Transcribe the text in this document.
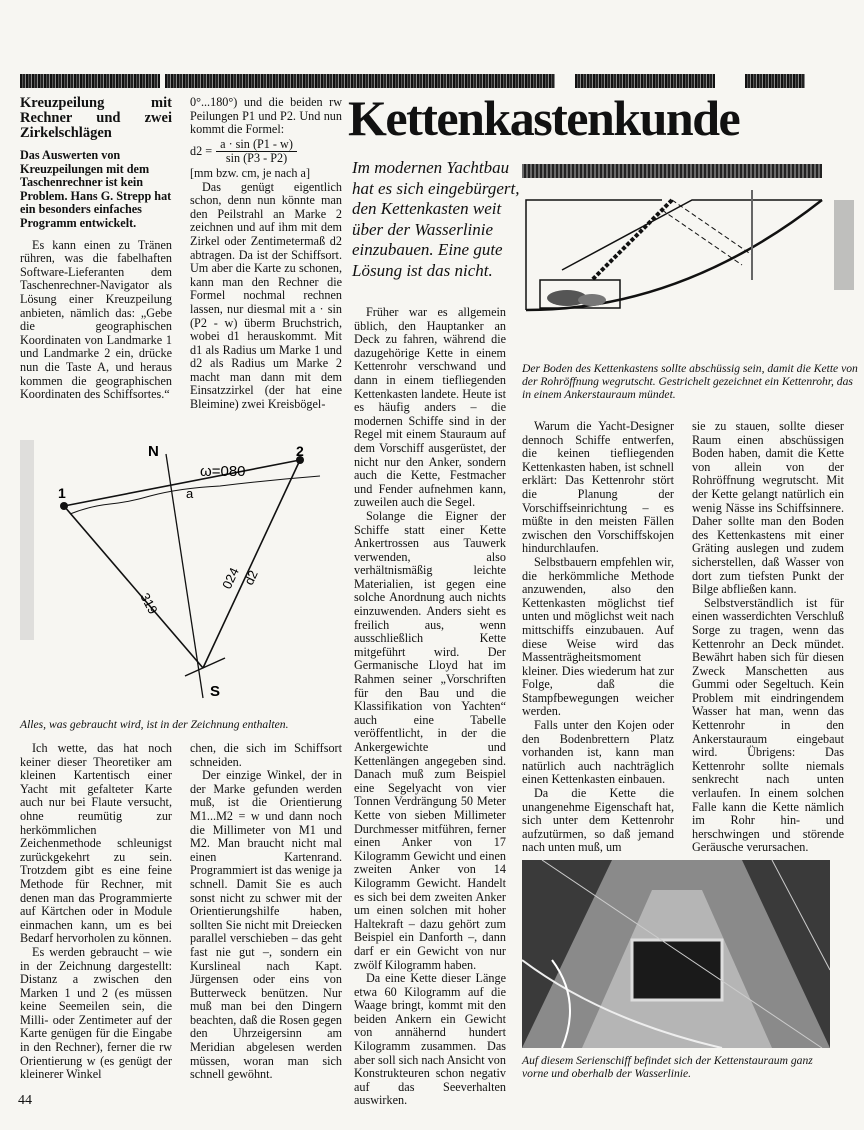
Kreuzpeilung mit Rechner und zwei Zirkelschlägen
Das Auswerten von Kreuzpeilungen mit dem Taschenrechner ist kein Problem. Hans G. Strepp hat ein besonders einfaches Programm entwickelt.

Es kann einen zu Tränen rühren, was die fabelhaften Software-Lieferanten dem Taschenrechner-Navigator als Lösung einer Kreuzpeilung anbieten, nämlich das: „Gebe die geographischen Koordinaten von Landmarke 1 und Landmarke 2 ein, drücke nun die Taste A, und heraus kommen die geographischen Koordinaten des Schiffsortes.“

0°...180°) und die beiden rw Peilungen P1 und P2. Und nun kommt die Formel:

$d2 = \frac{a \cdot \sin (P1 - w)}{\sin (P3 - P2)}$
[mm bzw. cm, je nach a]

Das genügt eigentlich schon, denn nun könnte man den Peilstrahl an Marke 2 zeichnen und auf ihm mit dem Zirkel oder Zentimetermaß d2 abtragen. Da ist der Schiffsort. Um aber die Karte zu schonen, kann man den Rechner die Formel nochmal rechnen lassen, nur diesmal mit a · sin (P2 - w) überm Bruchstrich, wobei d1 herauskommt. Mit d1 als Radius um Marke 1 und d2 als Radius um Marke 2 macht man dann mit dem Einsatzzirkel (der hat eine Bleimine) zwei Kreisbögel-

Kettenkastenkunde
Im modernen Yachtbau hat es sich eingebürgert, den Kettenkasten weit über der Wasserlinie einzubauen. Eine gute Lösung ist das nicht.
Der Boden des Kettenkastens sollte abschüssig sein, damit die Kette von der Rohröffnung wegrutscht. Gestrichelt gezeichnet ein Kettenrohr, das in einem Ankerstauraum mündet.
N
1
2
ω=080
a
319
024 d2
S
Alles, was gebraucht wird, ist in der Zeichnung enthalten.

Ich wette, das hat noch keiner dieser Theoretiker am kleinen Kartentisch einer Yacht mit gefalteter Karte auch nur bei Flaute versucht, ohne reumütig zur herkömmlichen Zeichenmethode schleunigst zurückgekehrt zu sein. Trotzdem gibt es eine feine Methode für Rechner, mit denen man das Programmierte auf Kärtchen oder in Module einmachen kann, um es bei Bedarf hervorholen zu können.

Es werden gebraucht – wie in der Zeichnung dargestellt: Distanz a zwischen den Marken 1 und 2 (es müssen keine Seemeilen sein, die Milli- oder Zentimeter auf der Karte genügen für die Eingabe in den Rechner), ferner die rw Orientierung w (es genügt der kleinerer Winkel

chen, die sich im Schiffsort schneiden.

Der einzige Winkel, der in der Marke gefunden werden muß, ist die Orientierung M1...M2 = w und dann noch die Millimeter von M1 und M2. Man braucht nicht mal einen Kartenrand. Programmiert ist das wenige ja schnell. Damit Sie es auch sonst nicht zu schwer mit der Orientierungshilfe haben, sollten Sie nicht mit Dreiecken parallel verschieben – das geht fast nie gut –, sondern ein Kurslineal nach Kapt. Jürgensen oder eins von Butterweck benützen. Nur muß man bei den Dingern beachten, daß die Rosen gegen den Uhrzeigersinn am Meridian abgelesen werden müssen, woran man sich schnell gewöhnt.

Früher war es allgemein üblich, den Hauptanker an Deck zu fahren, während die dazugehörige Kette in einem Kettenrohr verschwand und dann in einem tiefliegenden Kettenkasten landete. Heute ist es häufig anders – die modernen Schiffe sind in der Regel mit einem Stauraum auf dem Vorschiff ausgerüstet, der nicht nur den Anker, sondern auch die Kette, Festmacher und Fender aufnehmen kann, zuweilen auch die Segel.

Solange die Eigner der Schiffe statt einer Kette Ankertrossen aus Tauwerk verwenden, also verhältnismäßig leichte Materialien, ist gegen eine solche Anordnung auch nichts einzuwenden. Anders sieht es freilich aus, wenn ausschließlich Kette mitgeführt wird. Der Germanische Lloyd hat im Rahmen seiner „Vorschriften für den Bau und die Klassifikation von Yachten“ auch eine Tabelle veröffentlicht, in der die Ankergewichte und Kettenlängen angegeben sind. Danach muß zum Beispiel eine Segelyacht von vier Tonnen Verdrängung 50 Meter Kette von sieben Millimeter Durchmesser mitführen, ferner einen Anker von 17 Kilogramm Gewicht und einen zweiten Anker von 14 Kilogramm Gewicht. Handelt es sich bei dem zweiten Anker um einen solchen mit hoher Haltekraft – dazu gehört zum Beispiel ein Danforth –, dann darf er ein Gewicht von nur zwölf Kilogramm haben.

Da eine Kette dieser Länge etwa 60 Kilogramm auf die Waage bringt, kommt mit den beiden Ankern ein Gewicht von annähernd hundert Kilogramm zusammen. Das aber soll sich nach Ansicht von Konstrukteuren schon negativ auf das Seeverhalten auswirken.

Warum die Yacht-Designer dennoch Schiffe entwerfen, die keinen tiefliegenden Kettenkasten haben, ist schnell erklärt: Das Kettenrohr stört die Planung der Vorschiffseinrichtung – es müßte in den meisten Fällen zwischen den Vorschiffskojen hindurchlaufen.

Selbstbauern empfehlen wir, die herkömmliche Methode anzuwenden, also den Kettenkasten möglichst tief unten und möglichst weit nach mittschiffs einzubauen. Auf diese Weise wird das Massenträgheitsmoment kleiner. Dies wiederum hat zur Folge, daß die Stampfbewegungen weicher werden.

Falls unter den Kojen oder den Bodenbrettern Platz vorhanden ist, kann man natürlich auch nachträglich einen Kettenkasten einbauen.

Da die Kette die unangenehme Eigenschaft hat, sich unter dem Kettenrohr aufzutürmen, so daß jemand nach unten muß, um

sie zu stauen, sollte dieser Raum einen abschüssigen Boden haben, damit die Kette von allein von der Rohröffnung wegrutscht. Mit der Kette gelangt natürlich ein wenig Nässe ins Schiffsinnere. Daher sollte man den Boden des Kettenkastens mit einer Gräting auslegen und zudem sicherstellen, daß Wasser von dort zum tiefsten Punkt der Bilge abfließen kann.

Selbstverständlich ist für einen wasserdichten Verschluß Sorge zu tragen, wenn das Kettenrohr an Deck mündet. Bewährt haben sich für diesen Zweck Manschetten aus Gummi oder Segeltuch. Kein Problem mit eindringendem Wasser hat man, wenn das Kettenrohr in den Ankerstauraum eingebaut wird. Übrigens: Das Kettenrohr sollte niemals senkrecht nach unten verlaufen. In einem solchen Falle kann die Kette nämlich im Rohr hin- und herschwingen und störende Geräusche verursachen.

Auf diesem Serienschiff befindet sich der Kettenstauraum ganz vorne und oberhalb der Wasserlinie.
44
